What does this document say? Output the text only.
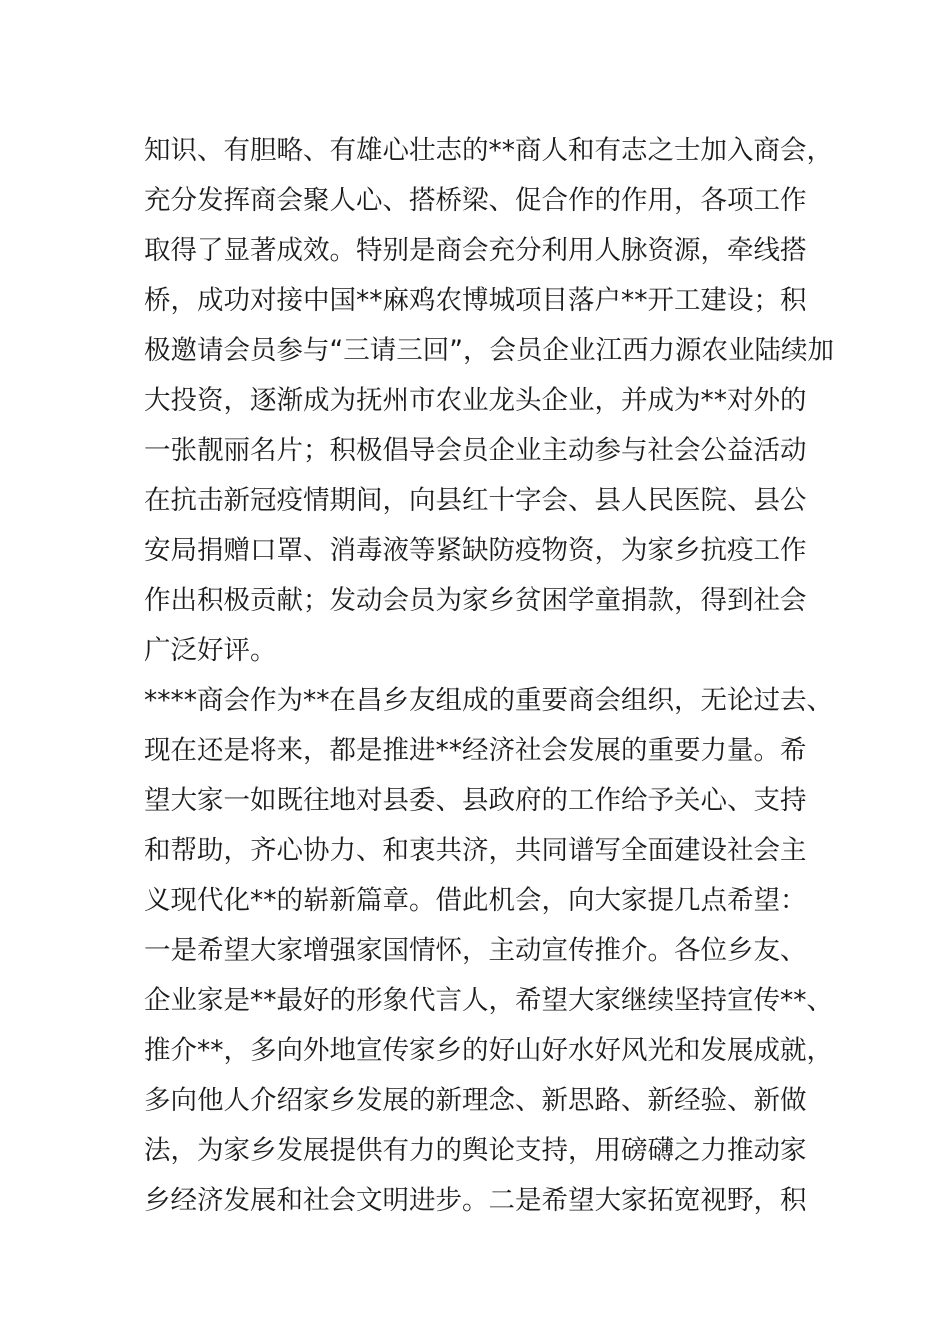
知识、有胆略、有雄心壮志的**商人和有志之士加入商会，
充分发挥商会聚人心、搭桥梁、促合作的作用，各项工作
取得了显著成效。特别是商会充分利用人脉资源，牵线搭
桥，成功对接中国**麻鸡农博城项目落户**开工建设；积
极邀请会员参与“三请三回”，会员企业江西力源农业陆续加
大投资，逐渐成为抚州市农业龙头企业，并成为**对外的
一张靓丽名片；积极倡导会员企业主动参与社会公益活动
在抗击新冠疫情期间，向县红十字会、县人民医院、县公
安局捐赠口罩、消毒液等紧缺防疫物资，为家乡抗疫工作
作出积极贡献；发动会员为家乡贫困学童捐款，得到社会
广泛好评。
****商会作为**在昌乡友组成的重要商会组织，无论过去、
现在还是将来，都是推进**经济社会发展的重要力量。希
望大家一如既往地对县委、县政府的工作给予关心、支持
和帮助，齐心协力、和衷共济，共同谱写全面建设社会主
义现代化**的崭新篇章。借此机会，向大家提几点希望：
一是希望大家增强家国情怀，主动宣传推介。各位乡友、
企业家是**最好的形象代言人，希望大家继续坚持宣传**、
推介**，多向外地宣传家乡的好山好水好风光和发展成就，
多向他人介绍家乡发展的新理念、新思路、新经验、新做
法，为家乡发展提供有力的舆论支持，用磅礴之力推动家
乡经济发展和社会文明进步。二是希望大家拓宽视野，积
